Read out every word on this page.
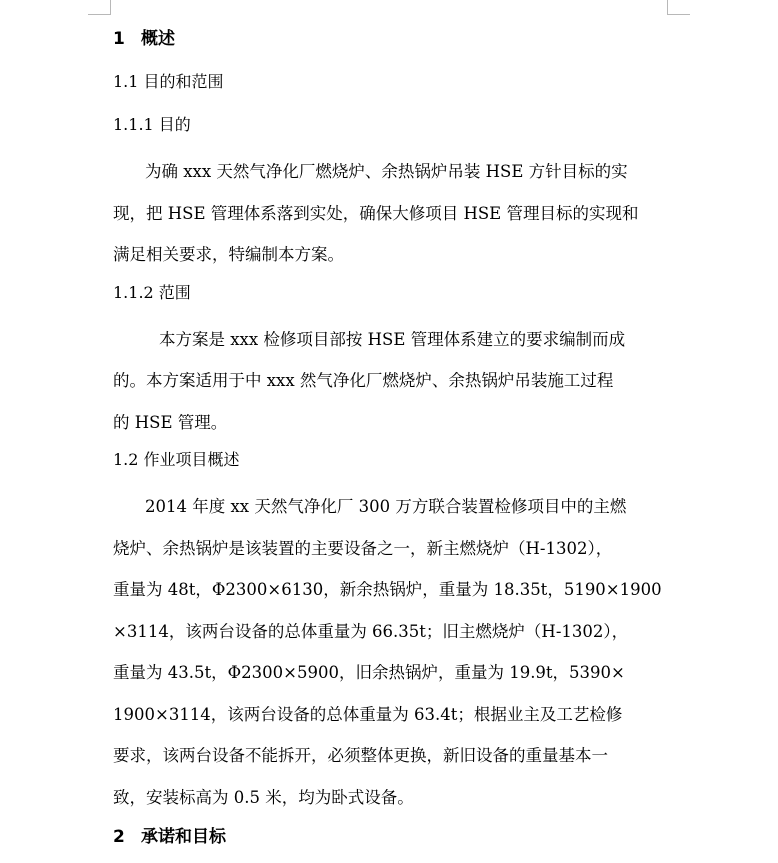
1 概述
1.1 目的和范围
1.1.1 目的
为确 xxx 天然气净化厂燃烧炉、余热锅炉吊装 HSE 方针目标的实
现，把 HSE 管理体系落到实处，确保大修项目 HSE 管理目标的实现和
满足相关要求，特编制本方案。
1.1.2 范围
本方案是 xxx 检修项目部按 HSE 管理体系建立的要求编制而成
的。本方案适用于中 xxx 然气净化厂燃烧炉、余热锅炉吊装施工过程
的 HSE 管理。
1.2 作业项目概述
2014 年度 xx 天然气净化厂 300 万方联合装置检修项目中的主燃
烧炉、余热锅炉是该装置的主要设备之一，新主燃烧炉（H-1302），
重量为 48t，Φ2300×6130，新余热锅炉，重量为 18.35t，5190×1900
×3114，该两台设备的总体重量为 66.35t；旧主燃烧炉（H-1302），
重量为 43.5t，Φ2300×5900，旧余热锅炉，重量为 19.9t，5390×
1900×3114，该两台设备的总体重量为 63.4t；根据业主及工艺检修
要求，该两台设备不能拆开，必须整体更换，新旧设备的重量基本一
致，安装标高为 0.5 米，均为卧式设备。
2 承诺和目标
